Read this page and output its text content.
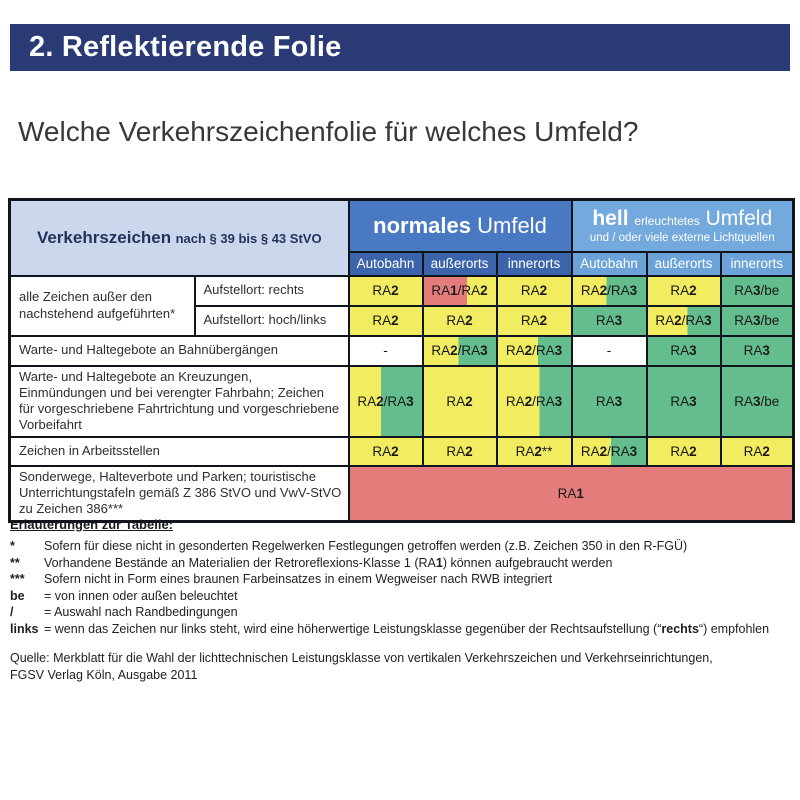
2. Reflektierende Folie
Welche Verkehrszeichenfolie für welches Umfeld?
Verkehrszeichen nach § 39 bis § 43 StVO		normales Umfeld			hell erleuchtetes Umfeld
und / oder viele externe Lichtquellen		

		Autobahn	außerorts	innerorts	Autobahn	außerorts	innerorts
alle Zeichen außer den nachstehend aufgeführten*	Aufstellort: rechts	RA2	RA1/RA2	RA2	RA2/RA3	RA2	RA3/be
	Aufstellort: hoch/links	RA2	RA2	RA2	RA3	RA2/RA3	RA3/be
Warte- und Haltegebote an Bahnübergängen		-	RA2/RA3	RA2/RA3	-	RA3	RA3
Warte- und Haltegebote an Kreuzungen, Einmündungen und bei verengter Fahrbahn; Zeichen für vorgeschriebene Fahrtrichtung und vorgeschriebene Vorbeifahrt		RA2/RA3	RA2	RA2/RA3	RA3	RA3	RA3/be
Zeichen in Arbeitsstellen		RA2	RA2	RA2**	RA2/RA3	RA2	RA2
Sonderwege, Halteverbote und Parken; touristische Unterrichtungstafeln gemäß Z 386 StVO und VwV-StVO zu Zeichen 386***		RA1					
Erläuterungen zur Tabelle:
*	Sofern für diese nicht in gesonderten Regelwerken Festlegungen getroffen werden (z.B. Zeichen 350 in den R-FGÜ)
**	Vorhandene Bestände an Materialien der Retroreflexions-Klasse 1 (RA1) können aufgebraucht werden
***	Sofern nicht in Form eines braunen Farbeinsatzes in einem Wegweiser nach RWB integriert
be	= von innen oder außen beleuchtet
/	= Auswahl nach Randbedingungen
links = wenn das Zeichen nur links steht, wird eine höherwertige Leistungsklasse gegenüber der Rechtsaufstellung (“rechts“) empfohlen
Quelle: Merkblatt für die Wahl der lichttechnischen Leistungsklasse von vertikalen Verkehrszeichen und Verkehrseinrichtungen,
FGSV Verlag Köln, Ausgabe 2011
